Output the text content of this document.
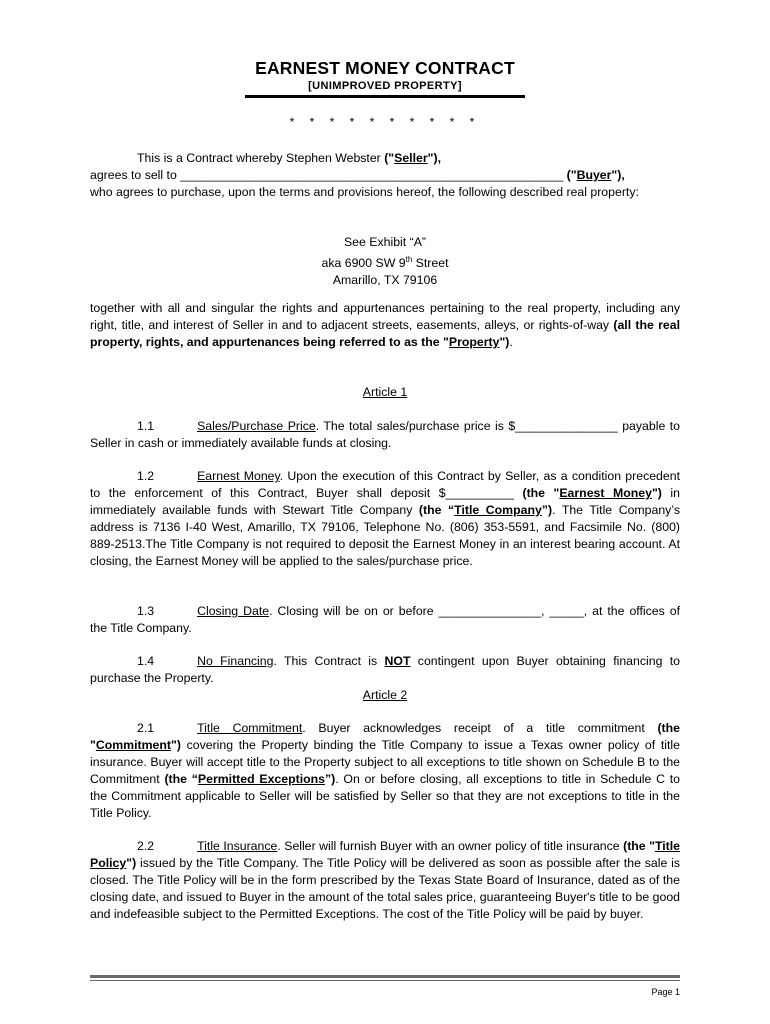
EARNEST MONEY CONTRACT
[UNIMPROVED PROPERTY]
* * * * * * * * * *

This is a Contract whereby Stephen Webster ("Seller"),

agrees to sell to ________________________________________________________ ("Buyer"),

who agrees to purchase, upon the terms and provisions hereof, the following described real property:

See Exhibit “A”

aka 6900 SW 9th Street

Amarillo, TX 79106

together with all and singular the rights and appurtenances pertaining to the real property, including any right, title, and interest of Seller in and to adjacent streets, easements, alleys, or rights-of-way (all the real property, rights, and appurtenances being referred to as the "Property").

Article 1

1.1	Sales/Purchase Price. The total sales/purchase price is $_______________ payable to Seller in cash or immediately available funds at closing.

1.2	Earnest Money. Upon the execution of this Contract by Seller, as a condition precedent to the enforcement of this Contract, Buyer shall deposit $__________ (the "Earnest Money") in immediately available funds with Stewart Title Company (the “Title Company”). The Title Company’s address is 7136 I-40 West, Amarillo, TX 79106, Telephone No. (806) 353-5591, and Facsimile No. (800) 889-2513.The Title Company is not required to deposit the Earnest Money in an interest bearing account. At closing, the Earnest Money will be applied to the sales/purchase price.

1.3	Closing Date. Closing will be on or before _______________, _____, at the offices of the Title Company.

1.4	No Financing. This Contract is NOT contingent upon Buyer obtaining financing to purchase the Property.

Article 2

2.1	Title Commitment. Buyer acknowledges receipt of a title commitment (the "Commitment") covering the Property binding the Title Company to issue a Texas owner policy of title insurance. Buyer will accept title to the Property subject to all exceptions to title shown on Schedule B to the Commitment (the “Permitted Exceptions”). On or before closing, all exceptions to title in Schedule C to the Commitment applicable to Seller will be satisfied by Seller so that they are not exceptions to title in the Title Policy.

2.2	Title Insurance. Seller will furnish Buyer with an owner policy of title insurance (the "Title Policy") issued by the Title Company. The Title Policy will be delivered as soon as possible after the sale is closed. The Title Policy will be in the form prescribed by the Texas State Board of Insurance, dated as of the closing date, and issued to Buyer in the amount of the total sales price, guaranteeing Buyer's title to be good and indefeasible subject to the Permitted Exceptions. The cost of the Title Policy will be paid by buyer.

Page 1
